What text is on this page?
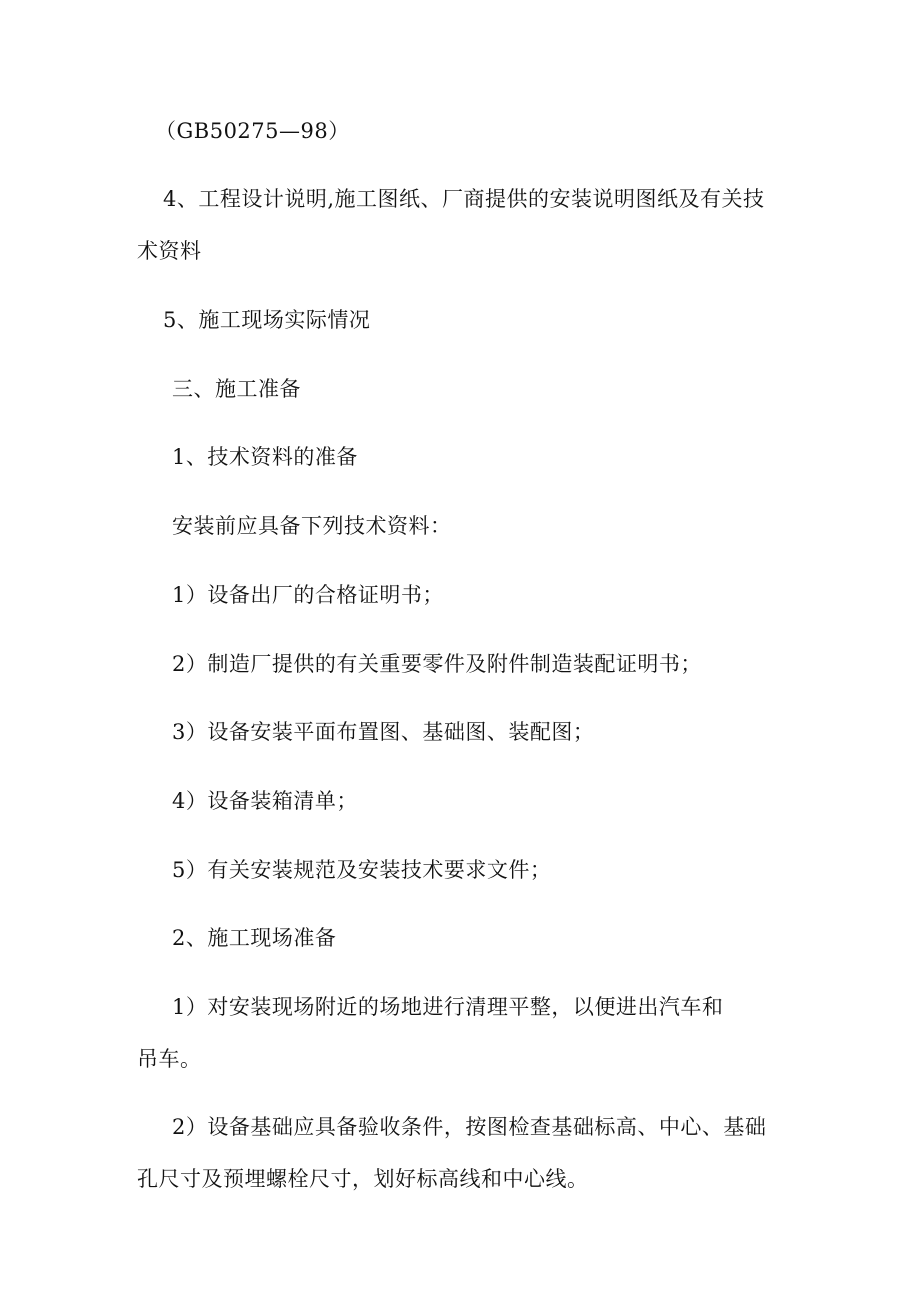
（GB50275—98）
4、工程设计说明,施工图纸、厂商提供的安装说明图纸及有关技
术资料
5、施工现场实际情况
三、施工准备
1、技术资料的准备
安装前应具备下列技术资料：
1）设备出厂的合格证明书；
2）制造厂提供的有关重要零件及附件制造装配证明书；
3）设备安装平面布置图、基础图、装配图；
4）设备装箱清单；
5）有关安装规范及安装技术要求文件；
2、施工现场准备
1）对安装现场附近的场地进行清理平整，以便进出汽车和
吊车。
2）设备基础应具备验收条件，按图检查基础标高、中心、基础
孔尺寸及预埋螺栓尺寸，划好标高线和中心线。
